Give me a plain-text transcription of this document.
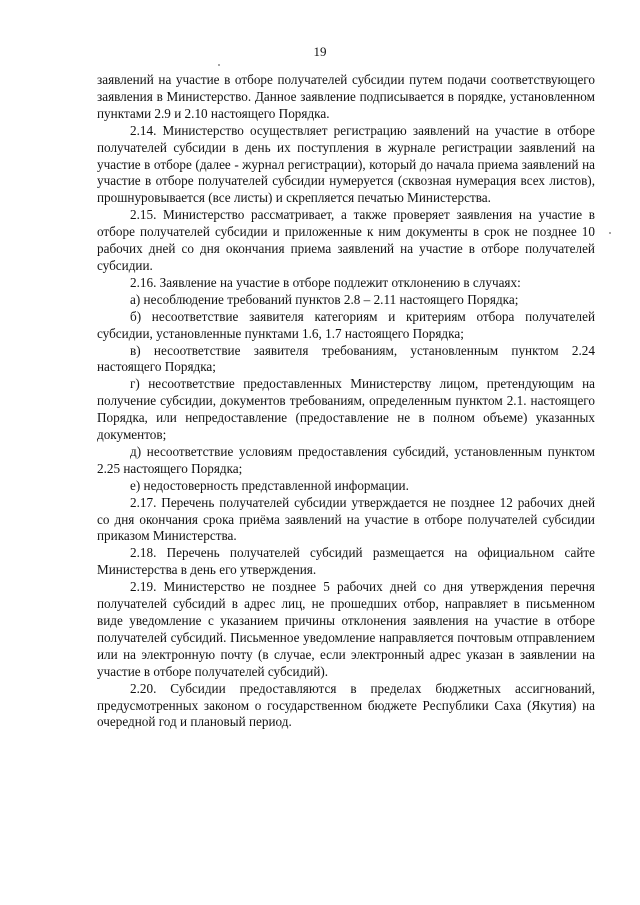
19

заявлений на участие в отборе получателей субсидии путем подачи соответствующего заявления в Министерство. Данное заявление подписывается в порядке, установленном пунктами 2.9 и 2.10 настоящего Порядка.

2.14. Министерство осуществляет регистрацию заявлений на участие в отборе получателей субсидии в день их поступления в журнале регистрации заявлений на участие в отборе (далее - журнал регистрации), который до начала приема заявлений на участие в отборе получателей субсидии нумеруется (сквозная нумерация всех листов), прошнуровывается (все листы) и скрепляется печатью Министерства.

2.15. Министерство рассматривает, а также проверяет заявления на участие в отборе получателей субсидии и приложенные к ним документы в срок не позднее 10 рабочих дней со дня окончания приема заявлений на участие в отборе получателей субсидии.

2.16. Заявление на участие в отборе подлежит отклонению в случаях:

а) несоблюдение требований пунктов 2.8 – 2.11 настоящего Порядка;

б) несоответствие заявителя категориям и критериям отбора получателей субсидии, установленные пунктами 1.6, 1.7 настоящего Порядка;

в) несоответствие заявителя требованиям, установленным пунктом 2.24 настоящего Порядка;

г) несоответствие предоставленных Министерству лицом, претендующим на получение субсидии, документов требованиям, определенным пунктом 2.1. настоящего Порядка, или непредоставление (предоставление не в полном объеме) указанных документов;

д) несоответствие условиям предоставления субсидий, установленным пунктом 2.25 настоящего Порядка;

е) недостоверность представленной информации.

2.17. Перечень получателей субсидии утверждается не позднее 12 рабочих дней со дня окончания срока приёма заявлений на участие в отборе получателей субсидии приказом Министерства.

2.18. Перечень получателей субсидий размещается на официальном сайте Министерства в день его утверждения.

2.19. Министерство не позднее 5 рабочих дней со дня утверждения перечня получателей субсидий в адрес лиц, не прошедших отбор, направляет в письменном виде уведомление с указанием причины отклонения заявления на участие в отборе получателей субсидий. Письменное уведомление направляется почтовым отправлением или на электронную почту (в случае, если электронный адрес указан в заявлении на участие в отборе получателей субсидий).

2.20. Субсидии предоставляются в пределах бюджетных ассигнований, предусмотренных законом о государственном бюджете Республики Саха (Якутия) на очередной год и плановый период.
